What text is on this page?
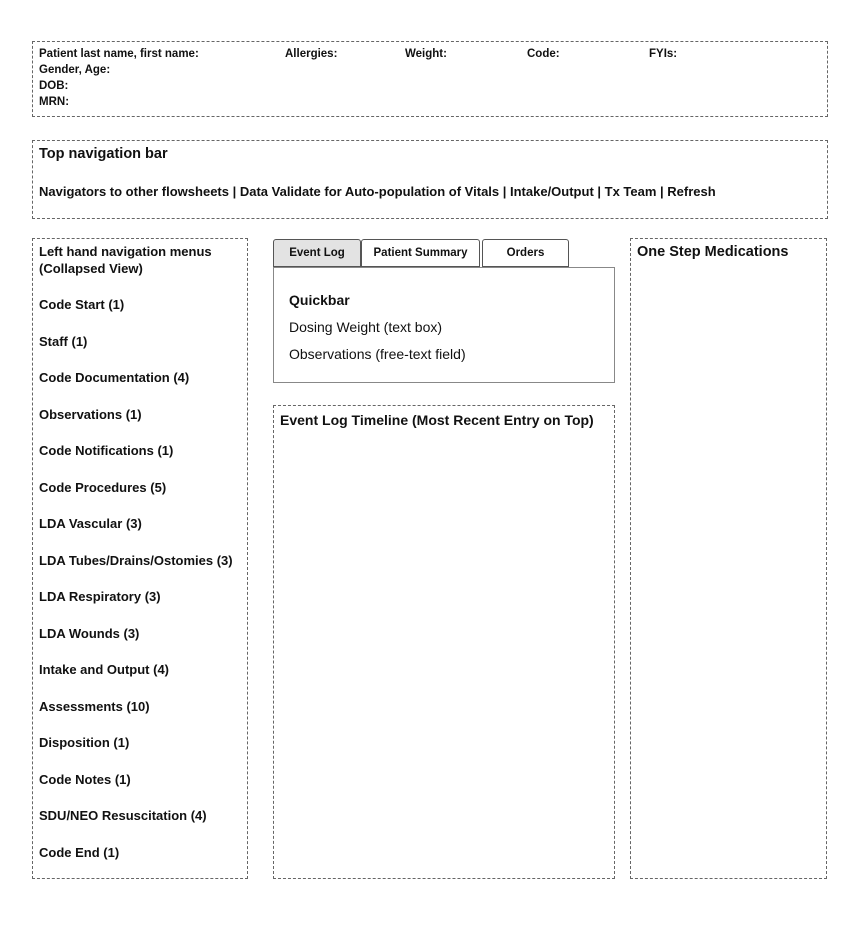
Patient last name, first name:
Gender, Age:
DOB:
MRN:
Allergies:	Weight:	Code:	FYIs:
Top navigation bar
Navigators to other flowsheets | Data Validate for Auto-population of Vitals | Intake/Output | Tx Team | Refresh
Left hand navigation menus (Collapsed View)
Code Start (1)
Staff (1)
Code Documentation (4)
Observations (1)
Code Notifications (1)
Code Procedures (5)
LDA Vascular (3)
LDA Tubes/Drains/Ostomies (3)
LDA Respiratory (3)
LDA Wounds (3)
Intake and Output (4)
Assessments (10)
Disposition (1)
Code Notes (1)
SDU/NEO Resuscitation (4)
Code End (1)
Event Log	Patient Summary	Orders
Quickbar
Dosing Weight (text box)
Observations (free-text field)
Event Log Timeline (Most Recent Entry on Top)
One Step Medications
